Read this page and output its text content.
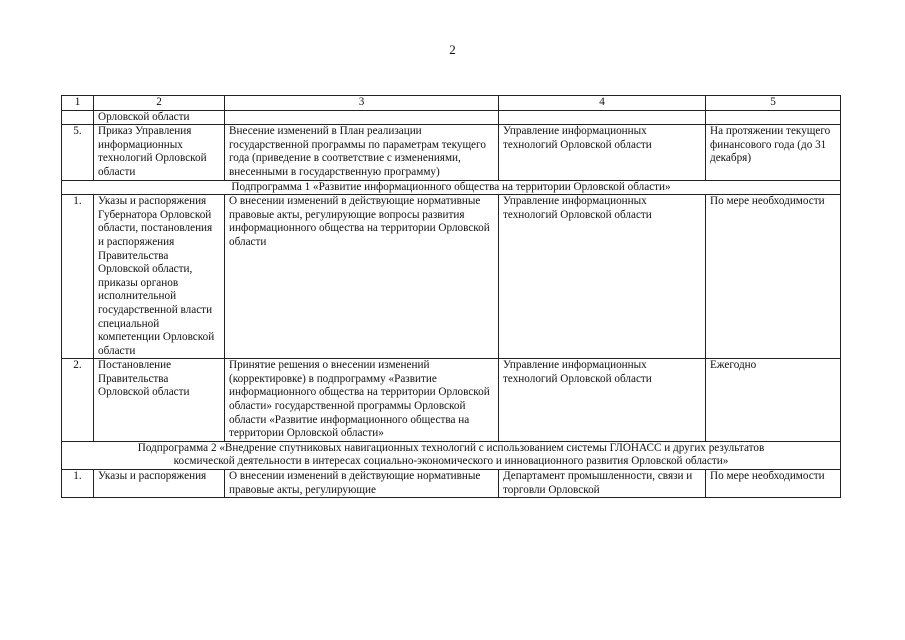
2
1	2	3	4	5
	Орловской области			
5.	Приказ Управления информационных технологий Орловской области	Внесение изменений в План реализации государственной программы по параметрам текущего года (приведение в соответствие с изменениями, внесенными в государственную программу)	Управление информационных технологий Орловской области	На протяжении текущего финансового года (до 31 декабря)
Подпрограмма 1 «Развитие информационного общества на территории Орловской области»				
1.	Указы и распоряжения Губернатора Орловской области, постановления и распоряжения Правительства Орловской области, приказы органов исполнительной государственной власти специальной компетенции Орловской области	О внесении изменений в действующие нормативные правовые акты, регулирующие вопросы развития информационного общества на территории Орловской области	Управление информационных технологий Орловской области	По мере необходимости
2.	Постановление Правительства Орловской области	Принятие решения о внесении изменений (корректировке) в подпрограмму «Развитие информационного общества на территории Орловской области» государственной программы Орловской области «Развитие информационного общества на территории Орловской области»	Управление информационных технологий Орловской области	Ежегодно

Подпрограмма 2 «Внедрение спутниковых навигационных технологий с использованием системы ГЛОНАСС и других результатов
космической деятельности в интересах социально-экономического и инновационного развития Орловской области»				

1.	Указы и распоряжения	О внесении изменений в действующие нормативные правовые акты, регулирующие	Департамент промышленности, связи и торговли Орловской	По мере необходимости
